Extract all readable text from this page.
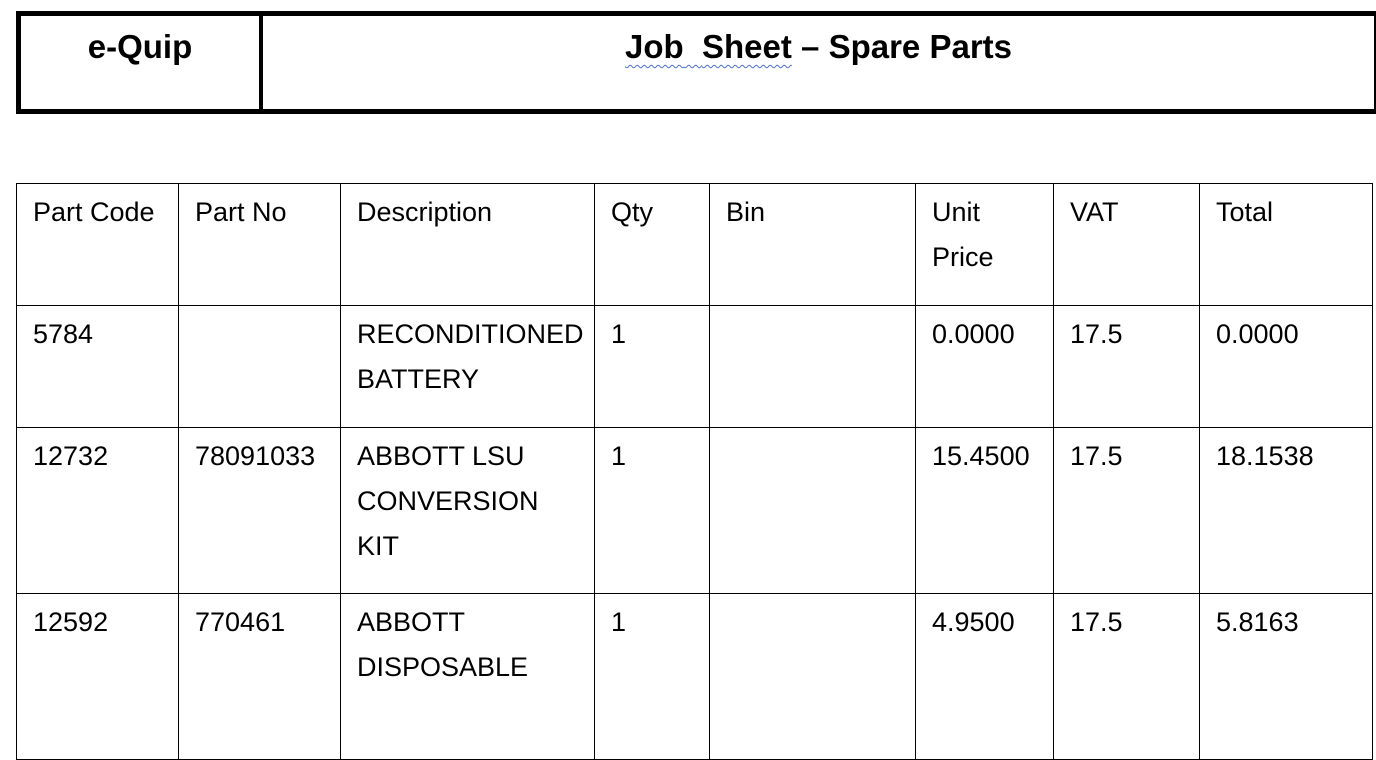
e-Quip	Job Sheet
– Spare Parts
Part Code	Part No	Description	Qty	Bin	Unit Price	VAT	Total
5784		RECONDITIONED BATTERY	1		0.0000	17.5	0.0000
12732	78091033	ABBOTT LSU CONVERSION KIT	1		15.4500	17.5	18.1538
12592	770461	ABBOTT DISPOSABLE	1		4.9500	17.5	5.8163
